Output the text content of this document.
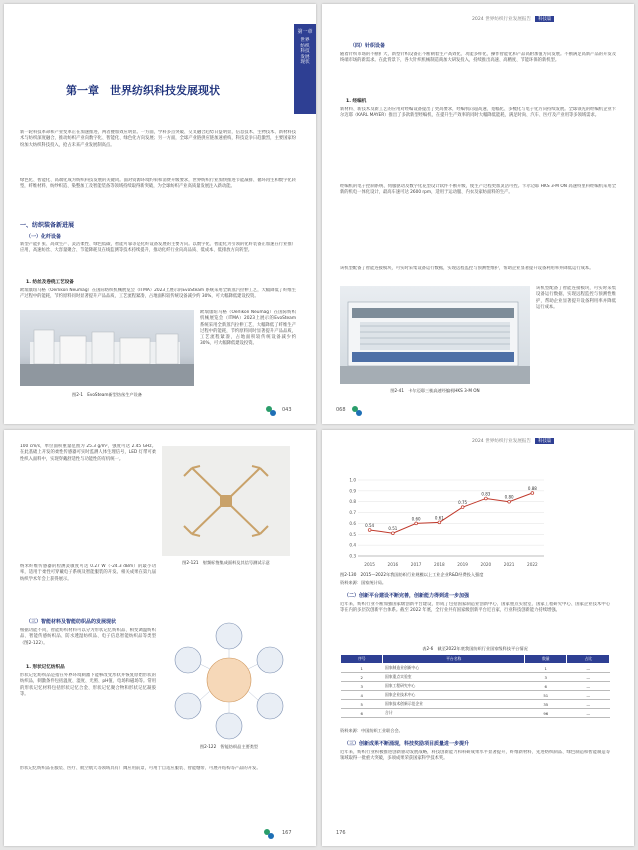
第一章
世界纺织科技发展现状
第一章　世界纺织科技发展现状

新一轮科技革命和产业变革正在加速推进，两者叠加效应明显。一方面，学科多点突破、交叉融合趋势日益明显，信息技术、生物技术、新材料技术与纺织深度融合，推动纺织产业向数字化、智能化、绿色化方向发展；另一方面，全球产业链供应链加速重构，科技竞争日趋激烈，主要国家纷纷加大纺织科技投入，抢占未来产业发展制高点。

绿色化、智能化、高端化成为纺织科技发展的关键词。面对资源环境约束和消费升级要求，世界纺织行业加快推进节能减排、循环再生和数字化转型，纤维材料、纺纱织造、染整加工及智能装备等领域持续取得新突破，为全球纺织产业高质量发展注入新动能。

一、纺织装备新进展
（一）化纤设备

新型产能扩张、高效生产、灵活柔性、绿色低碳，智能可靠等是化纤设备发展的主要方向。以数字化、智能化为引领的化纤装备正加速在行业推广应用，高速纺丝、大容量聚合、节能降耗及在线监测等技术持续提升，推动化纤行业向高品质、低成本、低排放方向转型。

1. 纺丝及卷绕工艺设备

欧瑞康纽马格（Oerlikon Neumag）在国际纺织机械展览会（ITMA）2023上展示的EvoSteam 系统采用全新蒸汽拉伸工艺，大幅降低了纤维生产过程中的能耗，节约原料同时显著提升产品品质，工艺流程紧凑，占地面积较传统设备减少约 30%，可大幅降低建设投资。

欧瑞康纽马格（Oerlikon Neumag）在国际纺织机械展览会（ITMA）2023上展示的EvoSteam 系统采用全新蒸汽拉伸工艺，大幅降低了纤维生产过程中的能耗，节约原料同时显著提升产品品质，工艺流程紧凑，占地面积较传统设备减少约 30%，可大幅降低建设投资。

图2-1　EvoSteam新型纺丝生产设备

043
2024 世界纺织行业发展报告 科技篇
（四）针织设备

随着针织市场的不断扩大，新型针织设备正不断朝着生产高效化、功能多样化、操作智能化和产品高附加值方向发展。不断满足高新产品的开发及终端市场的新需求。在此背景下，各大针织机械制造商加大研发投入，持续推出高速、高精度、节能环保的新机型。

1. 经编机

新材料、新技术及新工艺的应用对经编设备提出了更高要求，经编机向超高速、宽幅化、多梳化与电子化方向持续发展。全球领先的经编机企业卡尔迈耶（KARL MAYER）推出了多款新型经编机，在提升生产效率的同时大幅降低能耗，满足时尚、汽车、医疗及产业用等多领域需求。

经编机的电子控制系统、伺服驱动及数字化花型设计软件不断升级，使生产过程更加灵活可控。卡尔迈耶 HKS 3-M ON 高速特里科经编机采用全新的机电一体化设计，最高车速可达 2600 rpm，适用于运动服、内衣及家纺面料的生产。

该机型配备了智能连接模块，可实时采集设备运行数据，实现远程监控与预测性维护，帮助企业显著提升设备利用率并降低运行成本。

该机型配备了智能连接模块，可实时采集设备运行数据，实现远程监控与预测性维护，帮助企业显著提升设备利用率并降低运行成本。

图2-41　卡尔迈耶三梳高速经编机HKS 3-M ON

068

100 cm/s，单位面积重量范围为 25.3 g/m²，强度可达 2.45 GHz。在此基础上开发的柔性传感器可实时监测人体生理信号，LED 灯带可柔性织入面料中，实现穿戴舒适性与功能性的有机统一。

纳米纤维传感器的检测灵敏度可达 0.27 W（-24.3 dBm）的最小功率，适用于柔性可穿戴电子系统及智能服装的开发。相关成果在第九届纺织学术年会上获得展示。

图2-121　射频标签集成面料及其信号测试示意

（三）智能材料及智能纺织品的发展现状

根据功能不同，智能纺织材料可以分为形状记忆纺织品、相变调温纺织品、智能传感纺织品、防水透湿纺织品、电子信息智能纺织品等类型（图2-122）。

1. 形状记忆纺织品

形状记忆纺织品是指在外界环境刺激下能够改变形状并恢复原始形状的纺织品，刺激条件包括温度、湿度、光照、pH值、电场和磁场等。常用的形状记忆材料包括形状记忆合金、形状记忆聚合物和形状记忆凝胶等。

形状记忆纺织品在服装、医疗、航空航天等领域具有广阔应用前景，可用于自适应服装、智能绷带、可展开结构等产品的开发。

图2-122　智能纺织品主要类型

167
2024 世界纺织行业发展报告 科技篇
0.3
0.4
0.5
0.6
0.7
0.8
0.9
1.0
2015	2016	2017	2018	2019	2020	2021	2022
0.54
0.51
0.60	0.61
0.75
0.83
0.80
0.88

图2-130　2015—2022年我国纺织行业规模以上工业企业R&D经费投入强度

资料来源：国家统计局。

（二）创新平台建设不断完善，创新能力得到进一步加强

近年来，纺织行业不断加强国家级创新平台建设，形成了包括国家制造业创新中心、国家重点实验室、国家工程研究中心、国家企业技术中心等在内的多层次创新平台体系。截至 2022 年底，全行业共有国家级创新平台近百家，行业科技创新能力持续增强。

表2-6　截至2022年底我国纺织行业国家级科技平台情况

序号	平台名称	数量	占比
1	国家制造业创新中心	1	—
2	国家重点实验室	3	—
3	国家工程研究中心	6	—
4	国家企业技术中心	51	—
5	国家技术创新示范企业	35	—
6	合计	96	—

资料来源：中国纺织工业联合会。

（三）创新成果不断涌现，科技奖励项目质量进一步提升

近年来，纺织行业积极推进创新驱动发展战略，科技创新能力和科研成果水平显著提升，纤维新材料、先进纺织制品、绿色制造和智能制造等领域取得一批重大突破，多项成果荣获国家科学技术奖。

176
